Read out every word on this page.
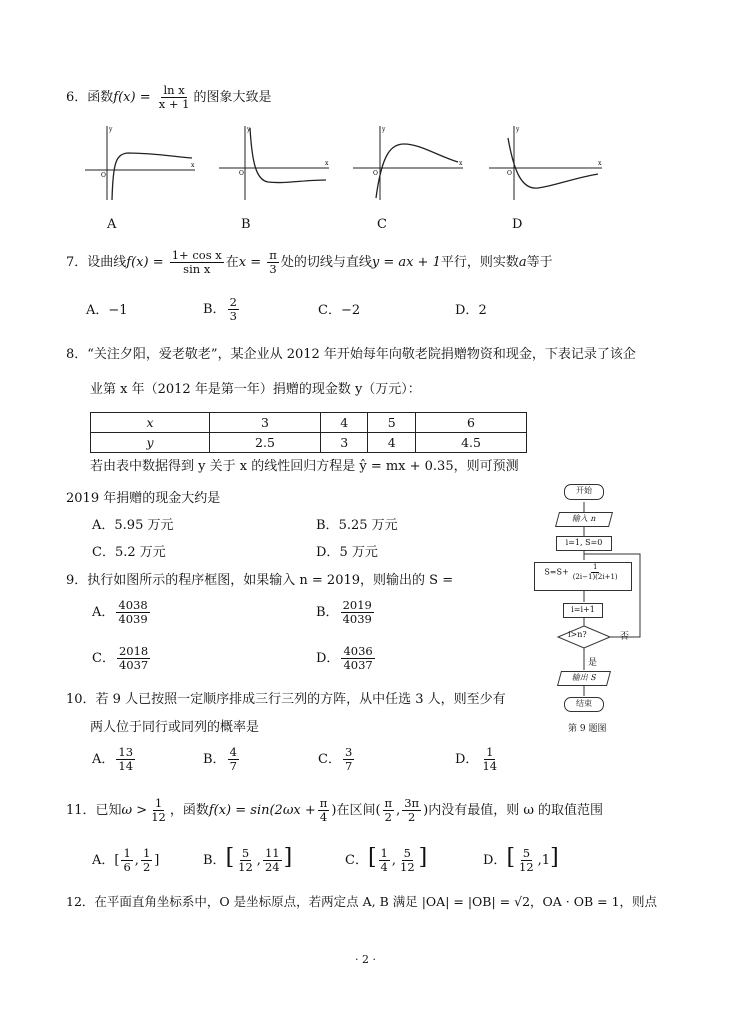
6．函数$f(x) = \frac{\text{ln x}}{x + 1}$ 的图象大致是
x
y
O
x
y
O
x
y
O
x
y
O
A	B	C	D
7．设曲线$f(x) = \frac{\text{1+ cos x}}{\text{sin x}}$ 在$x = \frac{\pi}{3}$ 处的切线与直线y = ax + 1平行，则实数a等于
A．−1	B． $\frac{2}{3}$	C．−2	D．2
8．“关注夕阳，爱老敬老”，某企业从 2012 年开始每年向敬老院捐赠物资和现金，下表记录了该企
业第 x 年（2012 年是第一年）捐赠的现金数 y（万元）：
x	3	4	5	6
y	2.5	3	4	4.5
若由表中数据得到 y 关于 x 的线性回归方程是 ŷ = mx + 0.35，则可预测
2019 年捐赠的现金大约是
A．5.95 万元	B．5.25 万元
C．5.2 万元	D．5 万元
9．执行如图所示的程序框图，如果输入 n = 2019，则输出的 S =
A． $\frac{4038}{4039}$	B． $\frac{2019}{4039}$
C． $\frac{2018}{4037}$	D． $\frac{4036}{4037}$
开始
输入 n
i=1, S=0
$S=S+ \frac{1}{(2i-1)(2i+1)}$
i=i+1
i>n?	否
是
输出 S
结束
第 9 题图
10．若 9 人已按照一定顺序排成三行三列的方阵，从中任选 3 人，则至少有
两人位于同行或同列的概率是
A． $\frac{13}{14}$	B． $\frac{4}{7}$	C． $\frac{3}{7}$	D． $\frac{1}{14}$
11．已知$\omega > \frac{1}{12}$ ，函数$f(x) = \sin(2\omega x + \frac{\pi}{4}$ )在区间( $\frac{\pi}{2}$ , $\frac{3\pi}{2}$ )内没有最值，则 ω 的取值范围
A．[ $\frac{1}{6}$ , $\frac{1}{2}$ ]	B．[ $\frac{5}{12}$ , $\frac{11}{24}$ ]	C．[ $\frac{1}{4}$ , $\frac{5}{12}$ ]	D．[ $\frac{5}{12} ,1$]
12．在平面直角坐标系中，O 是坐标原点，若两定点 A, B 满足 |OA| = |OB| = √2，OA · OB = 1，则点
· 2 ·
